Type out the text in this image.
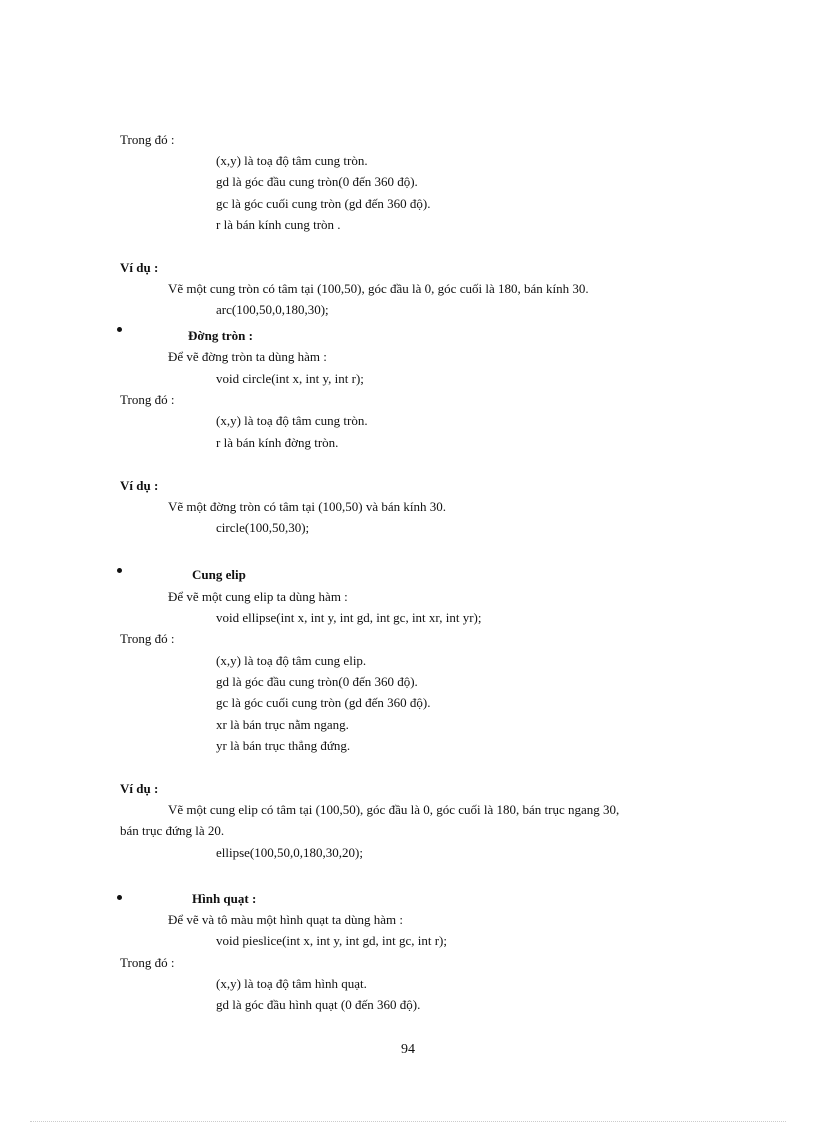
Trong đó :
(x,y) là toạ độ tâm cung tròn.
gd là góc đầu cung tròn(0 đến 360 độ).
gc là góc cuối cung tròn (gd đến 360 độ).
r là bán kính cung tròn .
Ví dụ :
Vẽ một cung tròn có tâm tại (100,50), góc đầu là 0, góc cuối là 180, bán kính 30.
arc(100,50,0,180,30);
Đờng tròn :
Để vẽ đờng tròn ta dùng hàm :
void circle(int x, int y, int r);
Trong đó :
(x,y) là toạ độ tâm cung tròn.
r là bán kính đờng tròn.
Ví dụ :
Vẽ một đờng tròn có tâm tại (100,50) và bán kính 30.
circle(100,50,30);
Cung elip
Để vẽ một cung elip ta dùng hàm :
void ellipse(int x, int y, int gd, int gc, int xr, int yr);
Trong đó :
(x,y) là toạ độ tâm cung elip.
gd là góc đầu cung tròn(0 đến 360 độ).
gc là góc cuối cung tròn (gd đến 360 độ).
xr là bán trục nằm ngang.
yr là bán trục thẳng đứng.
Ví dụ :
Vẽ một cung elip có tâm tại (100,50), góc đầu là 0, góc cuối là 180, bán trục ngang 30,
bán trục đứng là 20.
ellipse(100,50,0,180,30,20);
Hình quạt :
Để vẽ và tô màu một hình quạt ta dùng hàm :
void pieslice(int x, int y, int gd, int gc, int r);
Trong đó :
(x,y) là toạ độ tâm hình quạt.
gd là góc đầu hình quạt (0 đến 360 độ).
94
